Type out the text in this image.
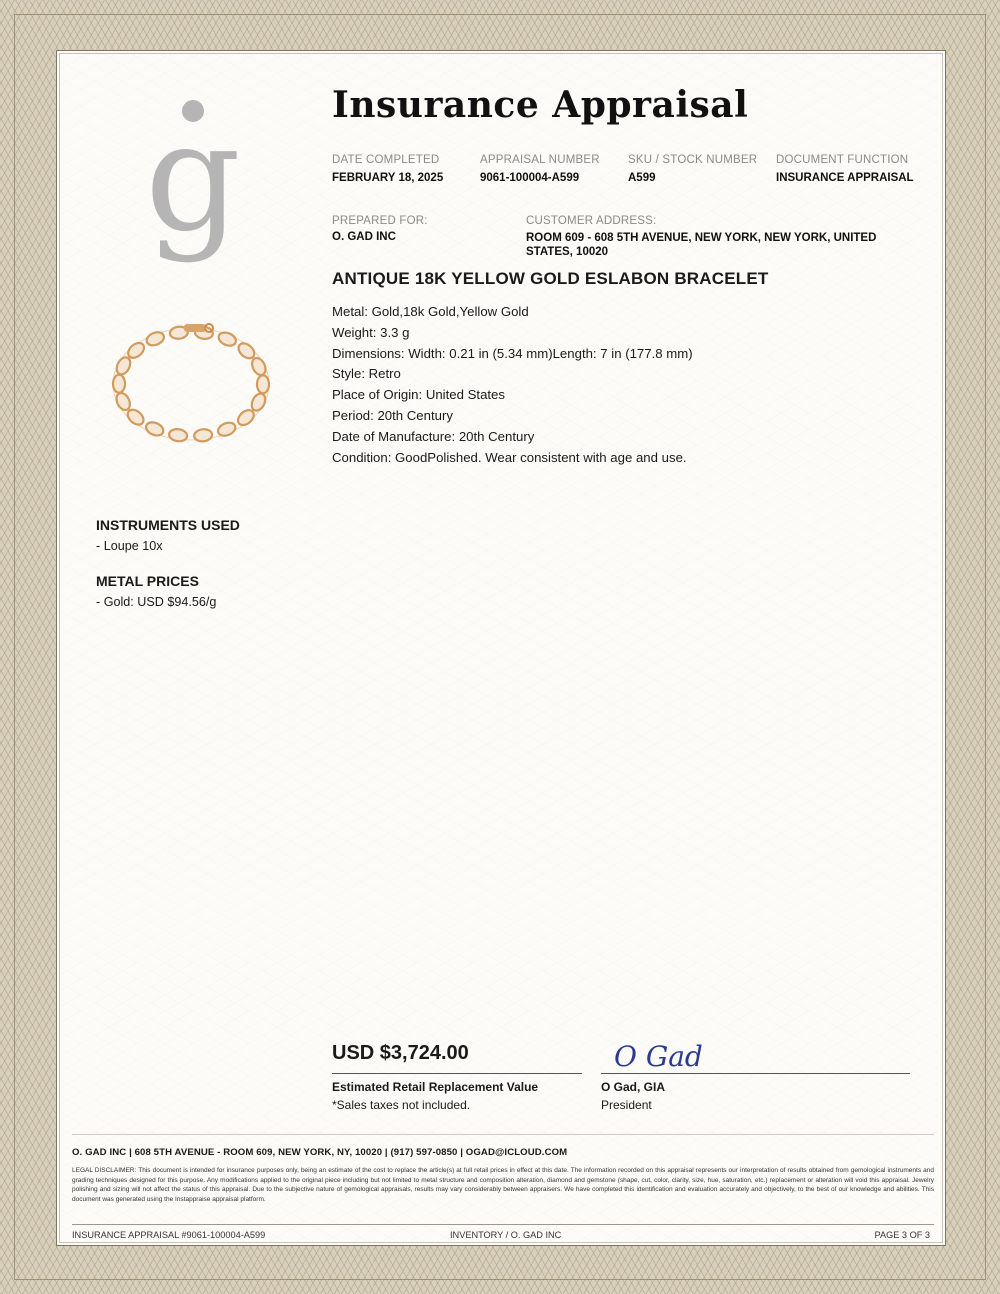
g	Insurance Appraisal
DATE COMPLETED
FEBRUARY 18, 2025
APPRAISAL NUMBER
9061-100004-A599
SKU / STOCK NUMBER
A599
DOCUMENT FUNCTION
INSURANCE APPRAISAL
PREPARED FOR:
O. GAD INC
CUSTOMER ADDRESS:
ROOM 609 - 608 5TH AVENUE, NEW YORK, NEW YORK, UNITED STATES, 10020
ANTIQUE 18K YELLOW GOLD ESLABON BRACELET
Metal: Gold,18k Gold,Yellow Gold
Weight: 3.3 g
Dimensions: Width: 0.21 in (5.34 mm)Length: 7 in (177.8 mm)
Style: Retro
Place of Origin: United States
Period: 20th Century
Date of Manufacture: 20th Century
Condition: GoodPolished. Wear consistent with age and use.
INSTRUMENTS USED
- Loupe 10x
METAL PRICES
- Gold: USD $94.56/g
USD $3,724.00
Estimated Retail Replacement Value
*Sales taxes not included.
O Gad
O Gad, GIA
President
O. GAD INC | 608 5TH AVENUE - ROOM 609, NEW YORK, NY, 10020 | (917) 597-0850 | OGAD@ICLOUD.COM
LEGAL DISCLAIMER: This document is intended for insurance purposes only, being an estimate of the cost to replace the article(s) at full retail prices in effect at this date. The information recorded on this appraisal represents our interpretation of results obtained from gemological instruments and grading techniques designed for this purpose. Any modifications applied to the original piece including but not limited to metal structure and composition alteration, diamond and gemstone (shape, cut, color, clarity, size, hue, saturation, etc.) replacement or alteration will void this appraisal. Jewelry polishing and sizing will not affect the status of this appraisal. Due to the subjective nature of gemological appraisals, results may vary considerably between appraisers. We have completed this identification and evaluation accurately and objectively, to the best of our knowledge and abilities. This document was generated using the Instappraise appraisal platform.
INSURANCE APPRAISAL #9061-100004-A599	INVENTORY / O. GAD INC	PAGE 3 OF 3
